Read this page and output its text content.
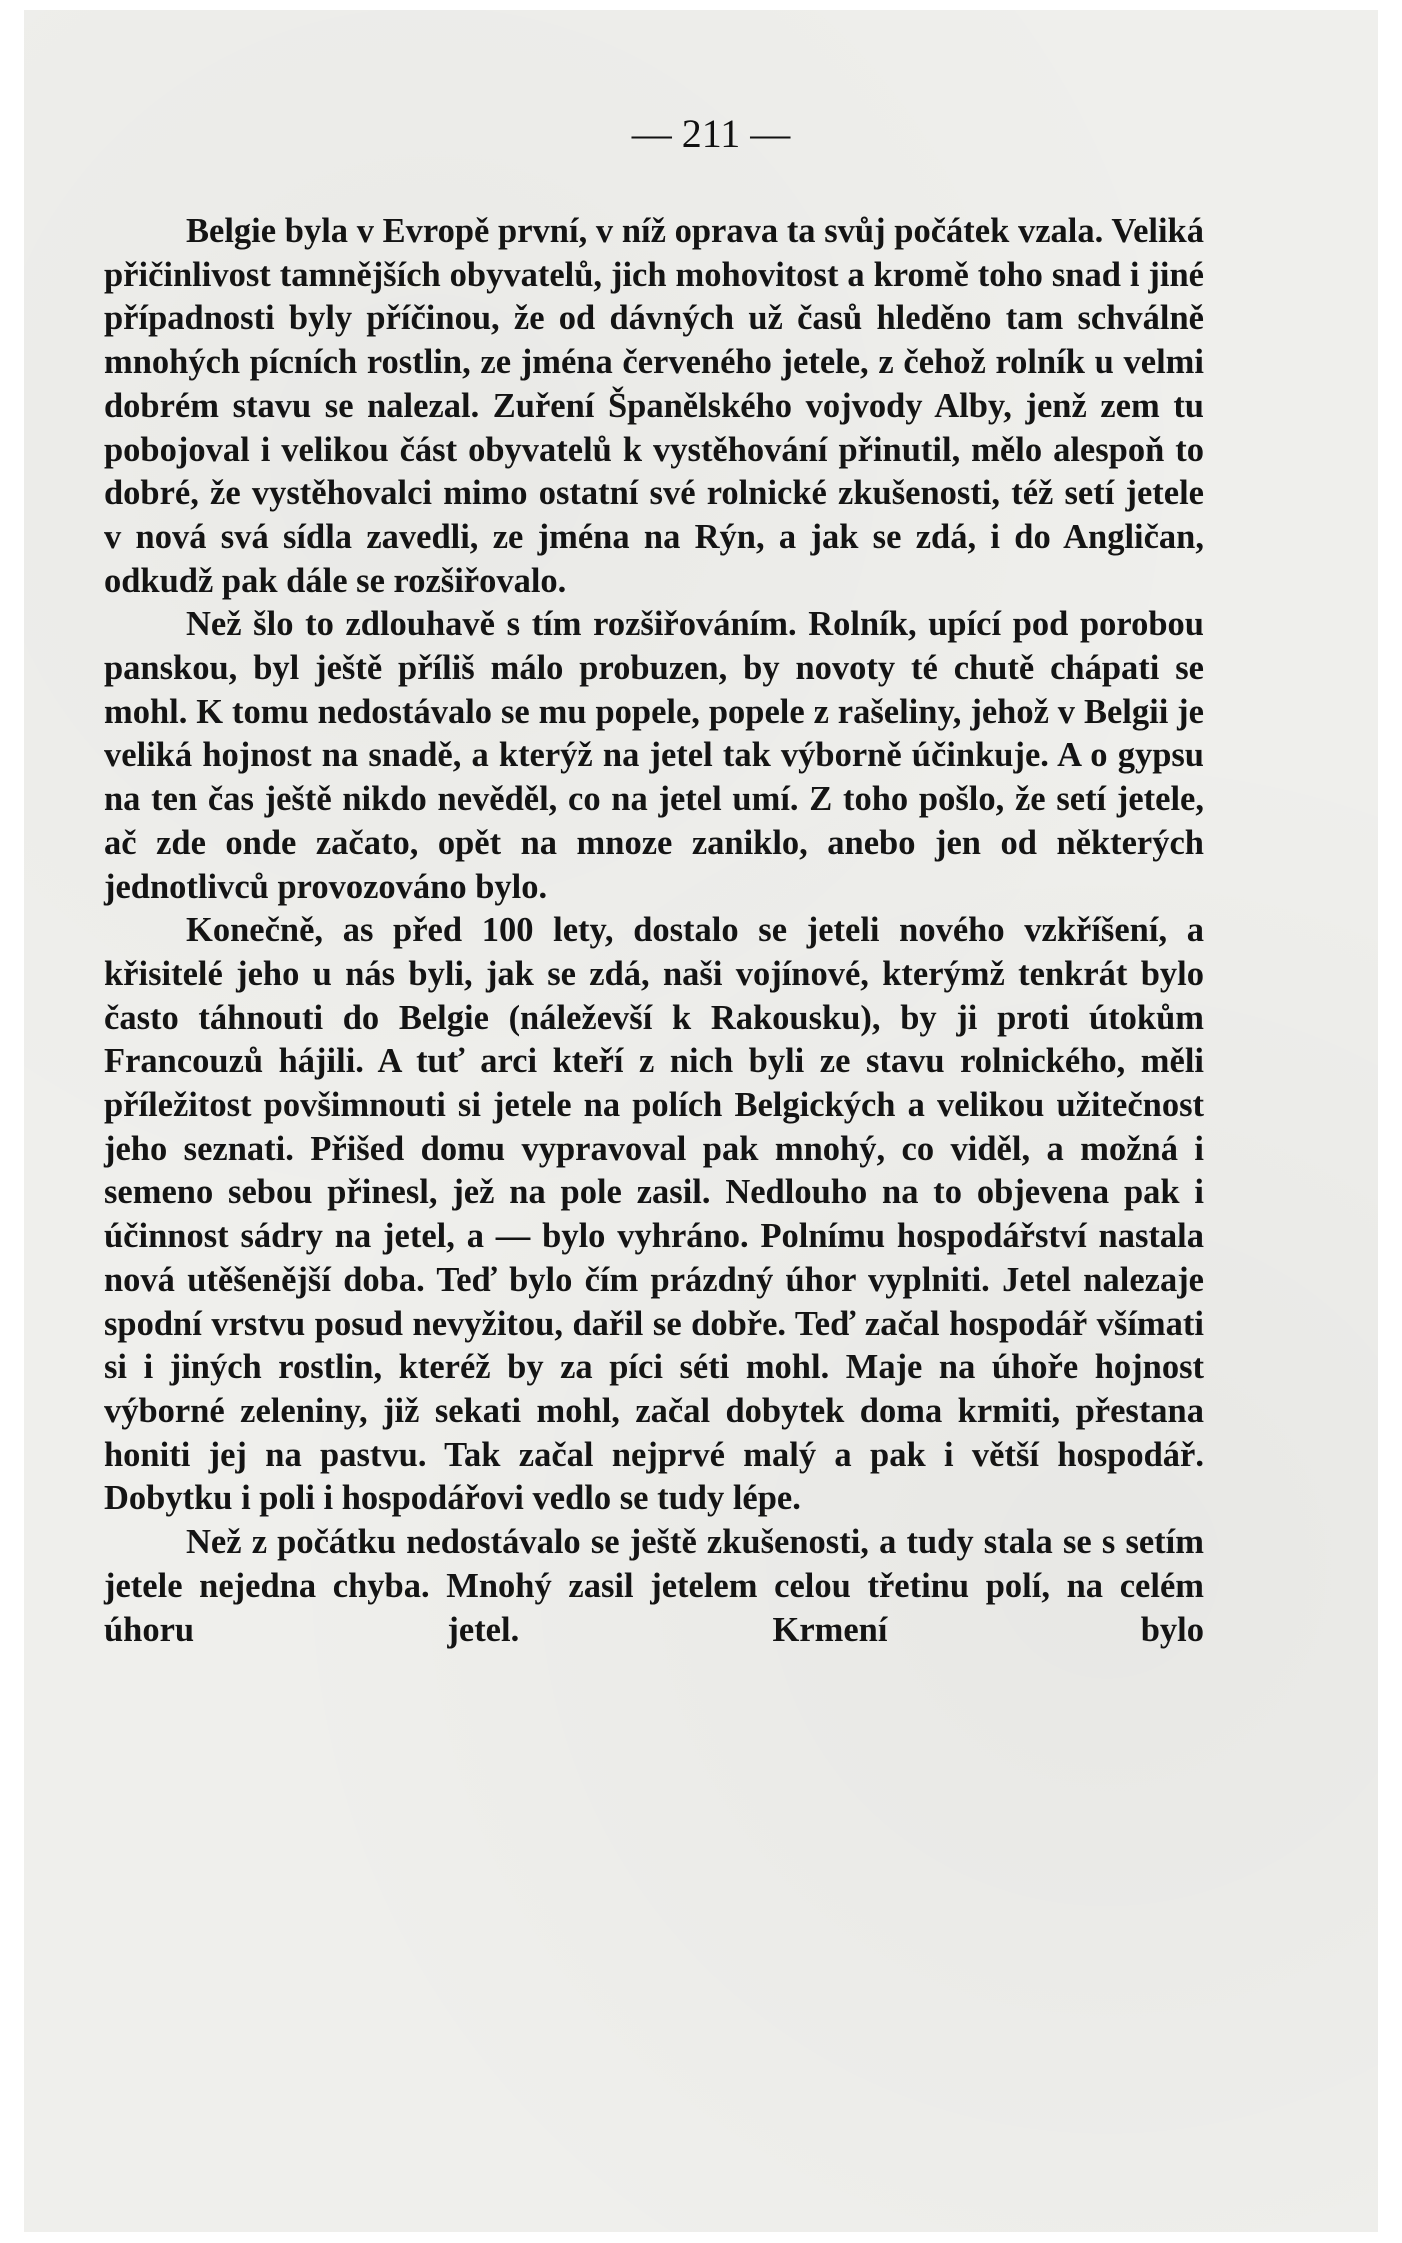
— 211 —

Belgie byla v Evropě první, v níž oprava ta svůj počátek vzala. Veliká přičinlivost tamnějších obyvatelů, jich mohovitost a kromě toho snad i jiné případnosti byly příčinou, že od dávných už časů hleděno tam schválně mnohých pícních rostlin, ze jména červeného jetele, z čehož rolník u velmi dobrém stavu se nalezal. Zuření Španělského vojvody Alby, jenž zem tu pobojoval i velikou část obyvatelů k vystěhování přinutil, mělo alespoň to dobré, že vystěhovalci mimo ostatní své rolnické zkušenosti, též setí jetele v nová svá sídla zavedli, ze jména na Rýn, a jak se zdá, i do Angličan, odkudž pak dále se rozšiřovalo.

Než šlo to zdlouhavě s tím rozšiřováním. Rolník, upící pod porobou panskou, byl ještě příliš málo probuzen, by novoty té chutě chápati se mohl. K tomu nedostávalo se mu popele, popele z rašeliny, jehož v Belgii je veliká hojnost na snadě, a kterýž na jetel tak výborně účinkuje. A o gypsu na ten čas ještě nikdo nevěděl, co na jetel umí. Z toho pošlo, že setí jetele, ač zde onde začato, opět na mnoze zaniklo, anebo jen od některých jednotlivců provozováno bylo.

Konečně, as před 100 lety, dostalo se jeteli nového vzkříšení, a křisitelé jeho u nás byli, jak se zdá, naši vojínové, kterýmž tenkrát bylo často táhnouti do Belgie (náleževší k Rakousku), by ji proti útokům Francouzů hájili. A tuť arci kteří z nich byli ze stavu rolnického, měli příležitost povšimnouti si jetele na polích Belgických a velikou užitečnost jeho seznati. Přišed domu vypravoval pak mnohý, co viděl, a možná i semeno sebou přinesl, jež na pole zasil. Nedlouho na to objevena pak i účinnost sádry na jetel, a — bylo vyhráno. Polnímu hospodářství nastala nová utěšenější doba. Teď bylo čím prázdný úhor vyplniti. Jetel nalezaje spodní vrstvu posud nevyžitou, dařil se dobře. Teď začal hospodář všímati si i jiných rostlin, kteréž by za píci séti mohl. Maje na úhoře hojnost výborné zeleniny, již sekati mohl, začal dobytek doma krmiti, přestana honiti jej na pastvu. Tak začal nejprvé malý a pak i větší hospodář. Dobytku i poli i hospodářovi vedlo se tudy lépe.

Než z počátku nedostávalo se ještě zkušenosti, a tudy stala se s setím jetele nejedna chyba. Mnohý zasil jetelem celou třetinu polí, na celém úhoru jetel. Krmení bylo
